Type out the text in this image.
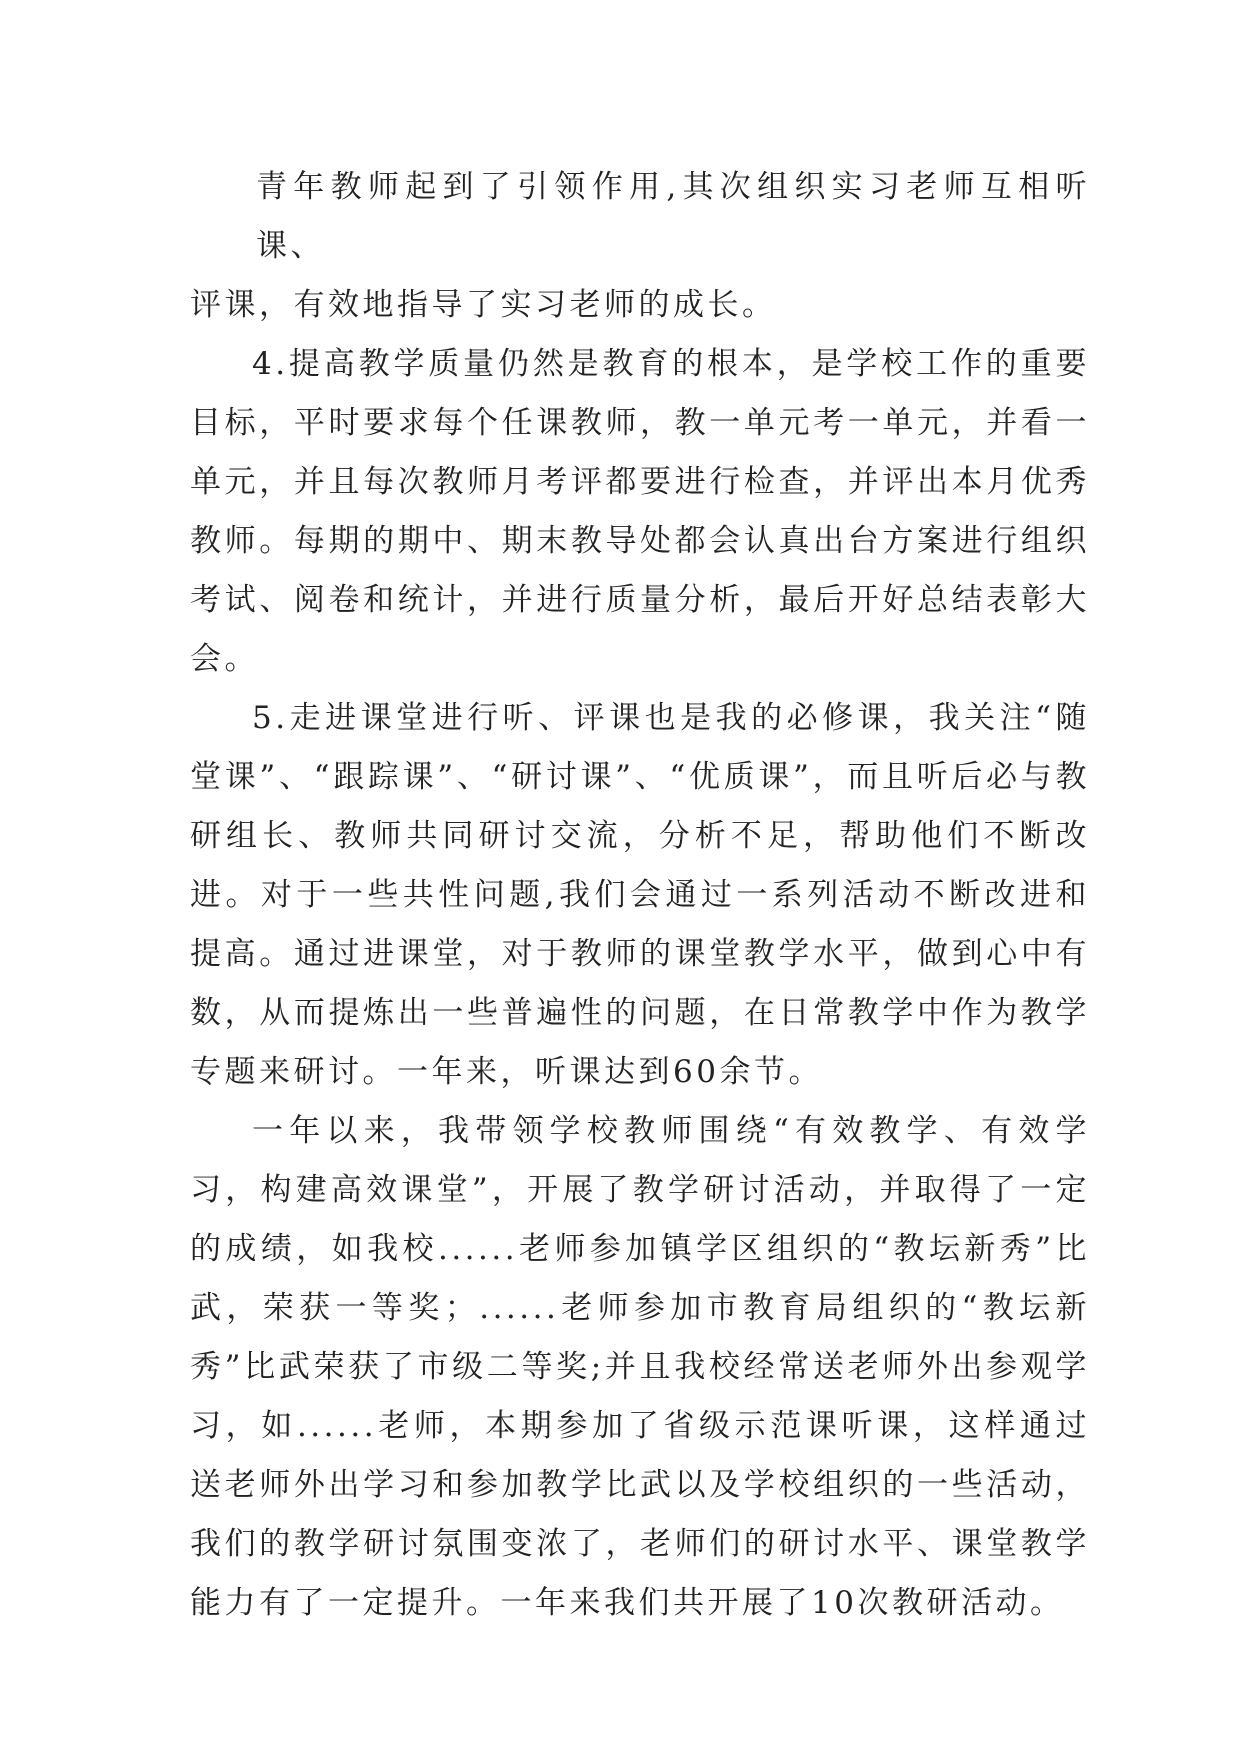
青年教师起到了引领作用,其次组织实习老师互相听课、评课，有效地指导了实习老师的成长。

4.提高教学质量仍然是教育的根本，是学校工作的重要目标，平时要求每个任课教师，教一单元考一单元，并看一单元，并且每次教师月考评都要进行检查，并评出本月优秀教师。每期的期中、期末教导处都会认真出台方案进行组织考试、阅卷和统计，并进行质量分析，最后开好总结表彰大会。

5.走进课堂进行听、评课也是我的必修课，我关注“随堂课”、“跟踪课”、“研讨课”、“优质课”，而且听后必与教研组长、教师共同研讨交流，分析不足，帮助他们不断改进。对于一些共性问题,我们会通过一系列活动不断改进和提高。通过进课堂，对于教师的课堂教学水平，做到心中有数，从而提炼出一些普遍性的问题，在日常教学中作为教学专题来研讨。一年来，听课达到60余节。

一年以来，我带领学校教师围绕“有效教学、有效学习，构建高效课堂”，开展了教学研讨活动，并取得了一定的成绩，如我校......老师参加镇学区组织的“教坛新秀”比武，荣获一等奖；......老师参加市教育局组织的“教坛新秀”比武荣获了市级二等奖;并且我校经常送老师外出参观学习，如......老师，本期参加了省级示范课听课，这样通过送老师外出学习和参加教学比武以及学校组织的一些活动，我们的教学研讨氛围变浓了，老师们的研讨水平、课堂教学能力有了一定提升。一年来我们共开展了10次教研活动。
